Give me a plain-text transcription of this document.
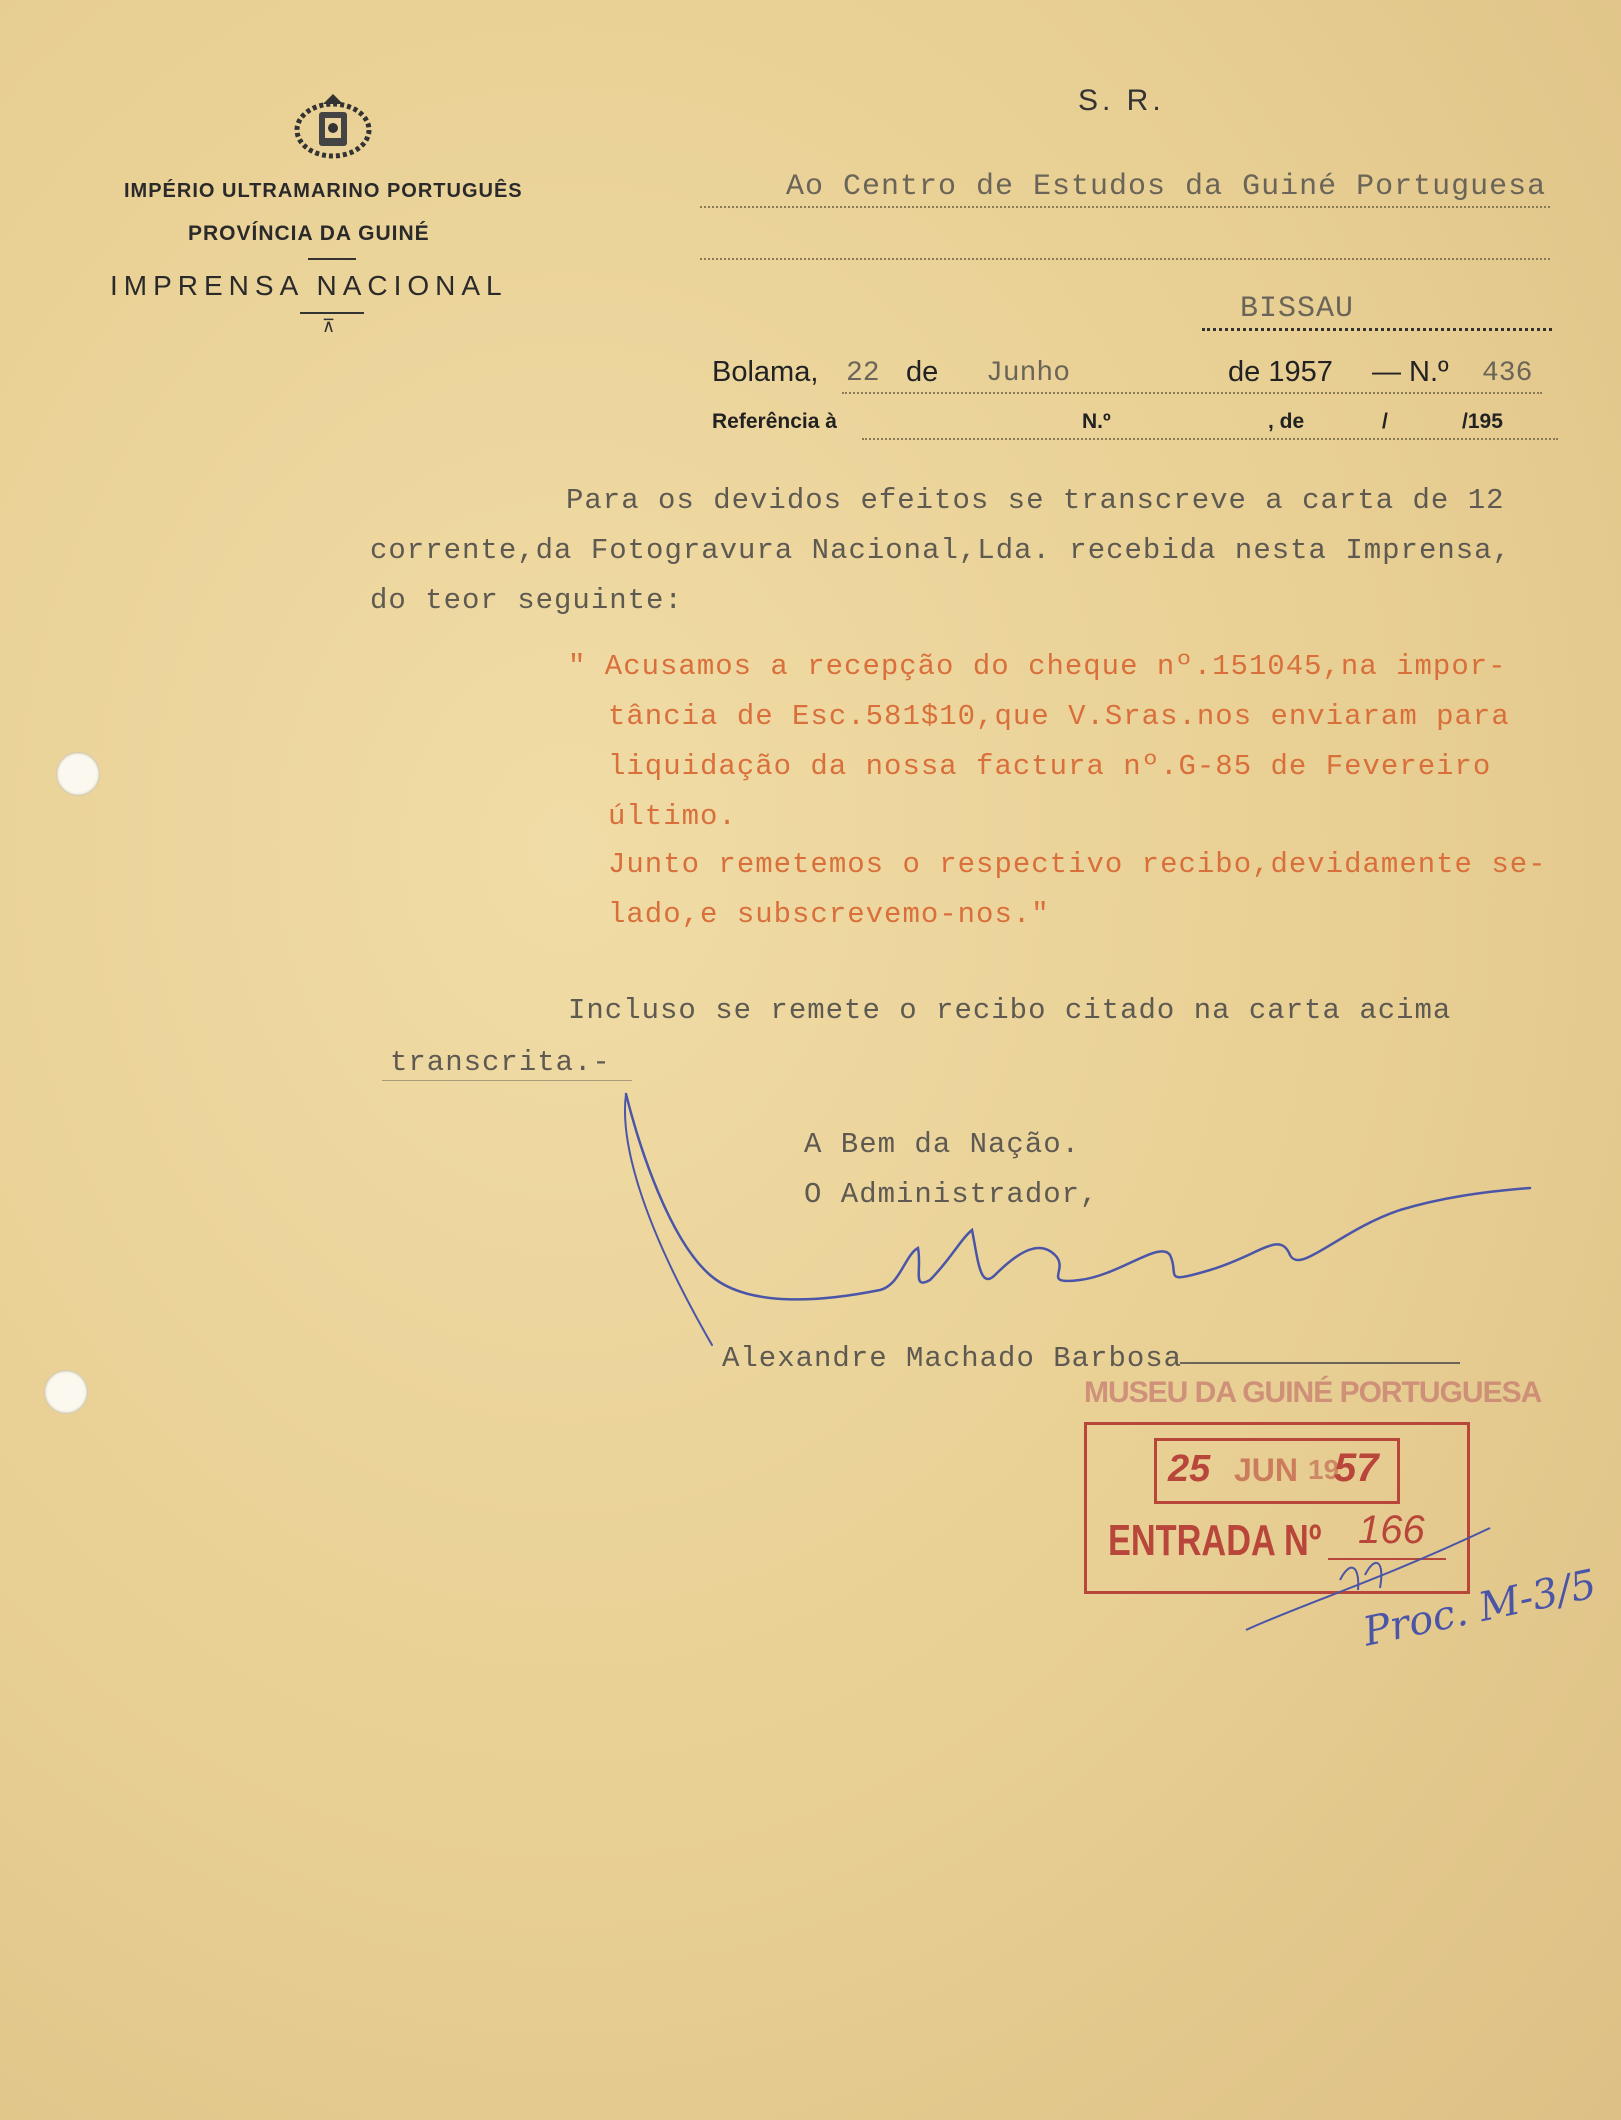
IMPÉRIO ULTRAMARINO PORTUGUÊS
PROVÍNCIA DA GUINÉ
IMPRENSA NACIONAL
⊼
S. R.
Ao Centro de Estudos da Guiné Portuguesa
BISSAU
Bolama, 22 de Junho	de 1957 — N.º 436
Referência à	N.º	, de	/	/195
Para os devidos efeitos se transcreve a carta de 12
corrente,da Fotogravura Nacional,Lda. recebida nesta Imprensa,
do teor seguinte:
" Acusamos a recepção do cheque nº.151045,na impor-
tância de Esc.581$10,que V.Sras.nos enviaram para
liquidação da nossa factura nº.G-85 de Fevereiro
último.
Junto remetemos o respectivo recibo,devidamente se-
lado,e subscrevemo-nos."
Incluso se remete o recibo citado na carta acima
transcrita.-
A Bem da Nação.
O Administrador,
Alexandre Machado Barbosa
MUSEU DA GUINÉ PORTUGUESA
25 JUN 19
57
ENTRADA Nº 166
Proc. M-3/5
